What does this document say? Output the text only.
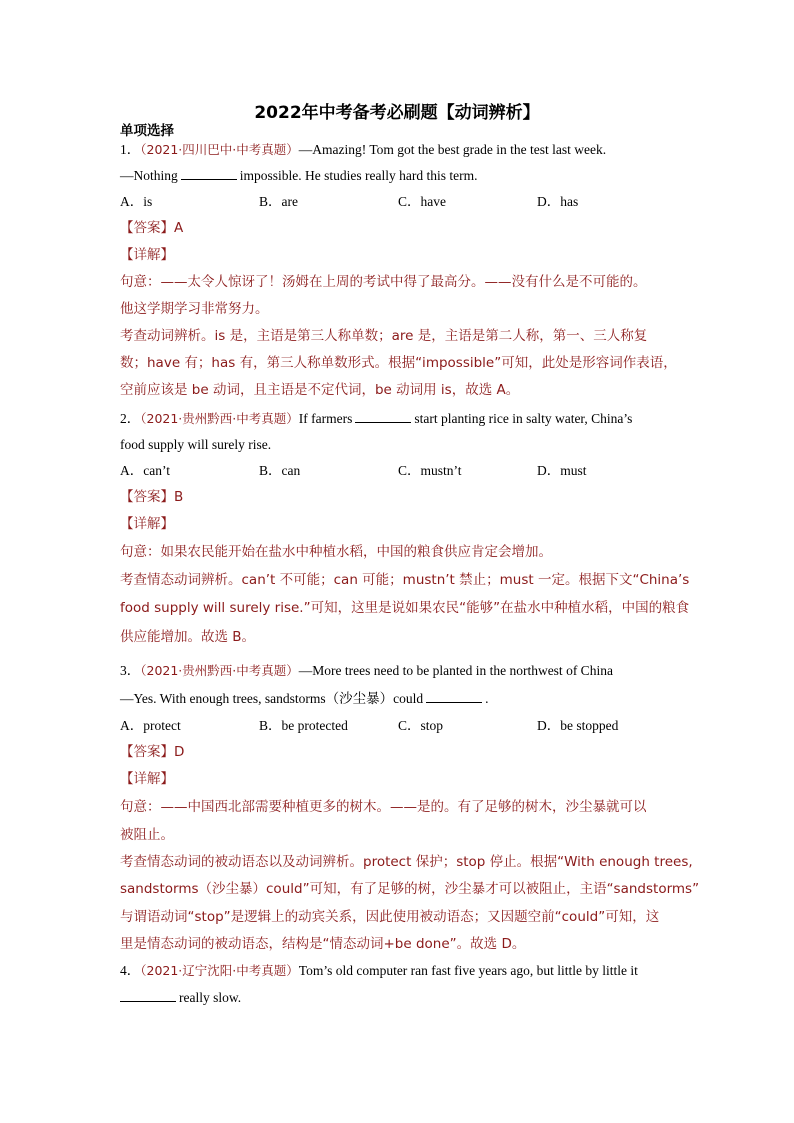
2022年中考备考必刷题【动词辨析】
单项选择
1．（2021·四川巴中·中考真题）—Amazing! Tom got the best grade in the test last week.
—Nothing	impossible. He studies really hard this term.
A．is	B．are	C．have	D．has
【答案】A
【详解】
句意：——太令人惊讶了！汤姆在上周的考试中得了最高分。——没有什么是不可能的。
他这学期学习非常努力。
考查动词辨析。is 是，主语是第三人称单数；are 是，主语是第二人称，第一、三人称复
数；have 有；has 有，第三人称单数形式。根据“impossible”可知，此处是形容词作表语，
空前应该是 be 动词，且主语是不定代词，be 动词用 is，故选 A。
2．（2021·贵州黔西·中考真题）If farmers	start planting rice in salty water, China’s
food supply will surely rise.
A．can’t	B．can	C．mustn’t	D．must
【答案】B
【详解】
句意：如果农民能开始在盐水中种植水稻，中国的粮食供应肯定会增加。
考查情态动词辨析。can’t 不可能；can 可能；mustn’t 禁止；must 一定。根据下文“China’s
food supply will surely rise.”可知，这里是说如果农民“能够”在盐水中种植水稻，中国的粮食
供应能增加。故选 B。
3．（2021·贵州黔西·中考真题）—More trees need to be planted in the northwest of China
—Yes. With enough trees, sandstorms（沙尘暴）could	.
A．protect	B．be protected	C．stop	D．be stopped
【答案】D
【详解】
句意：——中国西北部需要种植更多的树木。——是的。有了足够的树木，沙尘暴就可以
被阻止。
考查情态动词的被动语态以及动词辨析。protect 保护；stop 停止。根据“With enough trees,
sandstorms（沙尘暴）could”可知，有了足够的树，沙尘暴才可以被阻止，主语“sandstorms”
与谓语动词“stop”是逻辑上的动宾关系，因此使用被动语态；又因题空前“could”可知，这
里是情态动词的被动语态，结构是“情态动词+be done”。故选 D。
4．（2021·辽宁沈阳·中考真题）Tom’s old computer ran fast five years ago, but little by little it
really slow.
